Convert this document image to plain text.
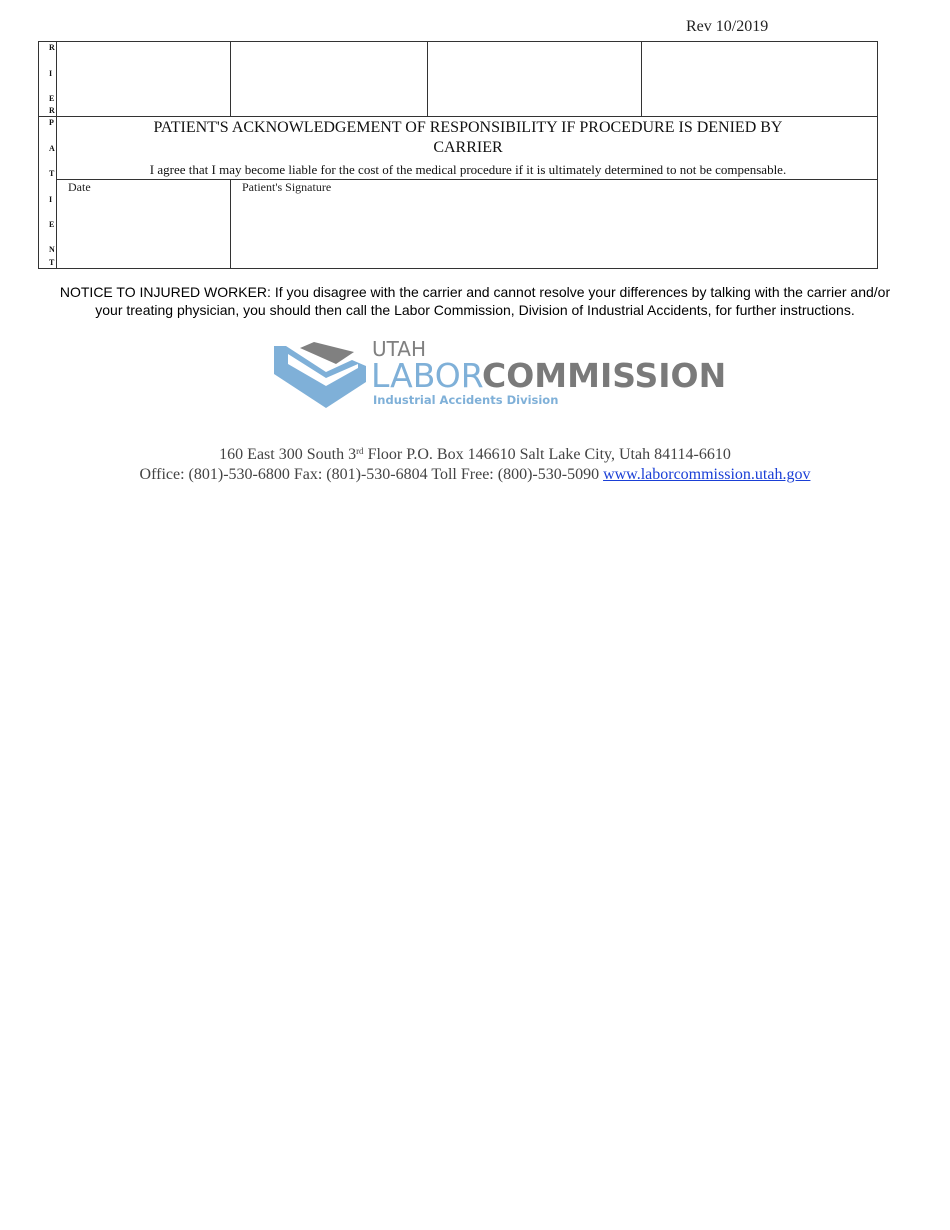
Rev 10/2019
R
I
E
R
P
A
T
I
E
N
T
PATIENT'S ACKNOWLEDGEMENT OF RESPONSIBILITY IF PROCEDURE IS DENIED BY
CARRIER
I agree that I may become liable for the cost of the medical procedure if it is ultimately determined to not be compensable.
Date	Patient's Signature
NOTICE TO INJURED WORKER: If you disagree with the carrier and cannot resolve your differences by talking with the carrier and/or
your treating physician, you should then call the Labor Commission, Division of Industrial Accidents, for further instructions.
UTAH
LABOR
COMMISSION
Industrial Accidents Division
160 East 300 South 3rd Floor P.O. Box 146610 Salt Lake City, Utah 84114-6610
Office: (801)-530-6800 Fax: (801)-530-6804 Toll Free: (800)-530-5090 www.laborcommission.utah.gov
